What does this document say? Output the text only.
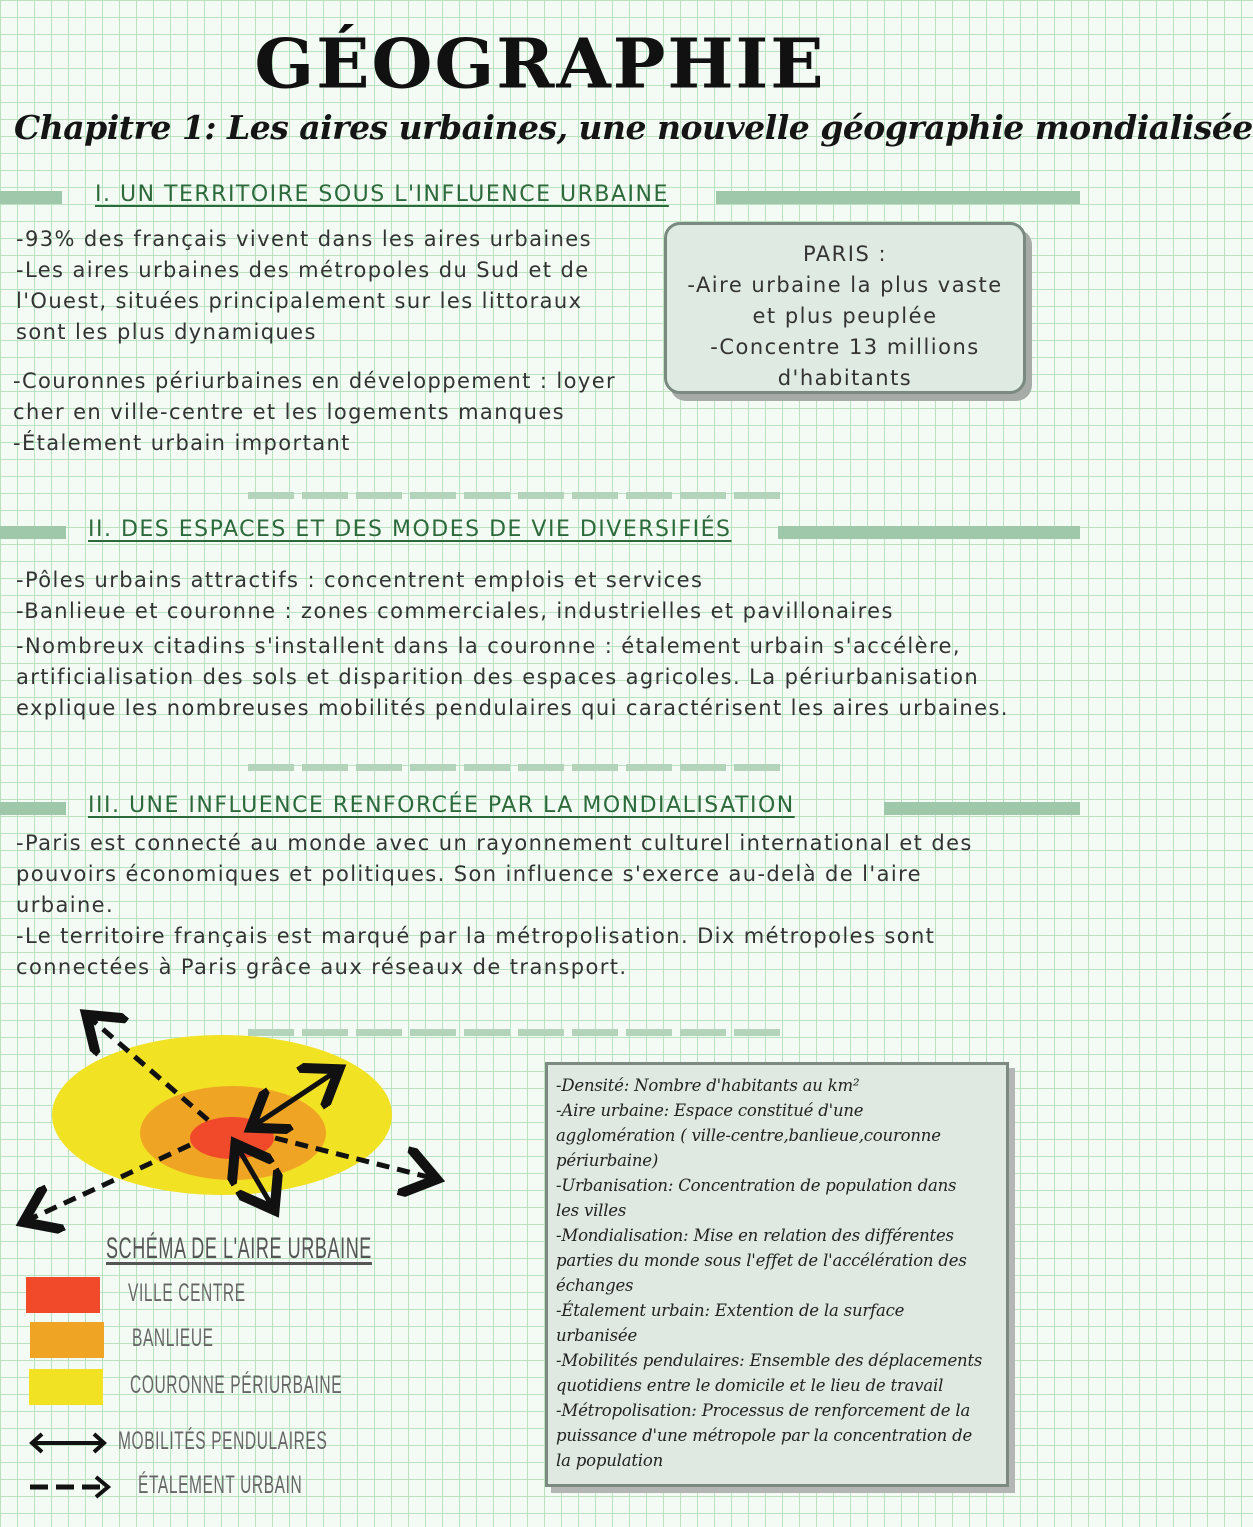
GÉOGRAPHIE
Chapitre 1: Les aires urbaines, une nouvelle géographie mondialisée
I. UN TERRITOIRE SOUS L'INFLUENCE URBAINE

-93% des français vivent dans les aires urbaines

-Les aires urbaines des métropoles du Sud et de

l'Ouest, situées principalement sur les littoraux

sont les plus dynamiques

-Couronnes périurbaines en développement : loyer

cher en ville-centre et les logements manques

-Étalement urbain important

PARIS :
-Aire urbaine la plus vaste
et plus peuplée
-Concentre 13 millions
d'habitants
II. DES ESPACES ET DES MODES DE VIE DIVERSIFIÉS

-Pôles urbains attractifs : concentrent emplois et services

-Banlieue et couronne : zones commerciales, industrielles et pavillonaires

-Nombreux citadins s'installent dans la couronne : étalement urbain s'accélère,

artificialisation des sols et disparition des espaces agricoles. La périurbanisation

explique les nombreuses mobilités pendulaires qui caractérisent les aires urbaines.

III. UNE INFLUENCE RENFORCÉE PAR LA MONDIALISATION

-Paris est connecté au monde avec un rayonnement culturel international et des

pouvoirs économiques et politiques. Son influence s'exerce au-delà de l'aire

urbaine.

-Le territoire français est marqué par la métropolisation. Dix métropoles sont

connectées à Paris grâce aux réseaux de transport.

SCHÉMA DE L'AIRE URBAINE
VILLE CENTRE
BANLIEUE
COURONNE PÉRIURBAINE
MOBILITÉS PENDULAIRES
ÉTALEMENT URBAIN
-Densité: Nombre d'habitants au km²
-Aire urbaine: Espace constitué d'une
agglomération ( ville-centre,banlieue,couronne
périurbaine)
-Urbanisation: Concentration de population dans
les villes
-Mondialisation: Mise en relation des différentes
parties du monde sous l'effet de l'accélération des
échanges
-Étalement urbain: Extention de la surface
urbanisée
-Mobilités pendulaires: Ensemble des déplacements
quotidiens entre le domicile et le lieu de travail
-Métropolisation: Processus de renforcement de la
puissance d'une métropole par la concentration de
la population
